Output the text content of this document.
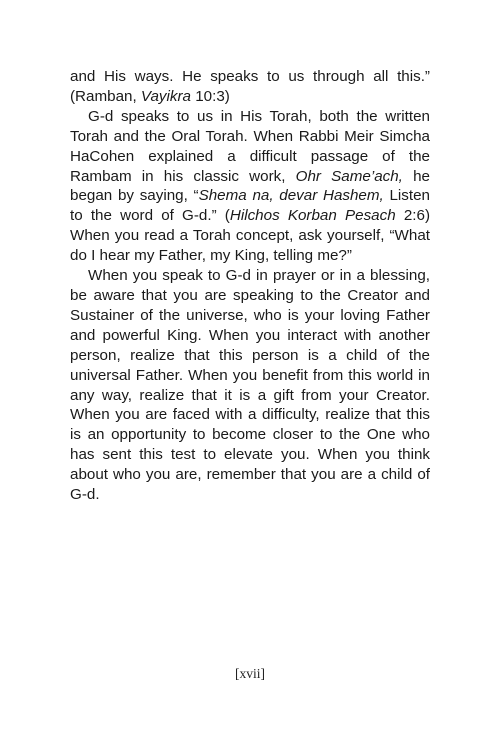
and His ways. He speaks to us through all this.” (Ramban, Vayikra 10:3)

G-d speaks to us in His Torah, both the written Torah and the Oral Torah. When Rabbi Meir Simcha HaCohen explained a difficult passage of the Rambam in his classic work, Ohr Same’ach, he began by saying, “Shema na, devar Hashem, Listen to the word of G-d.” (Hilchos Korban Pesach 2:6) When you read a Torah concept, ask yourself, “What do I hear my Father, my King, telling me?”

When you speak to G-d in prayer or in a blessing, be aware that you are speaking to the Creator and Sustainer of the universe, who is your loving Father and powerful King. When you interact with another person, realize that this person is a child of the universal Father. When you benefit from this world in any way, realize that it is a gift from your Creator. When you are faced with a difficulty, realize that this is an opportunity to become closer to the One who has sent this test to elevate you. When you think about who you are, remember that you are a child of G-d.

[xvii]
